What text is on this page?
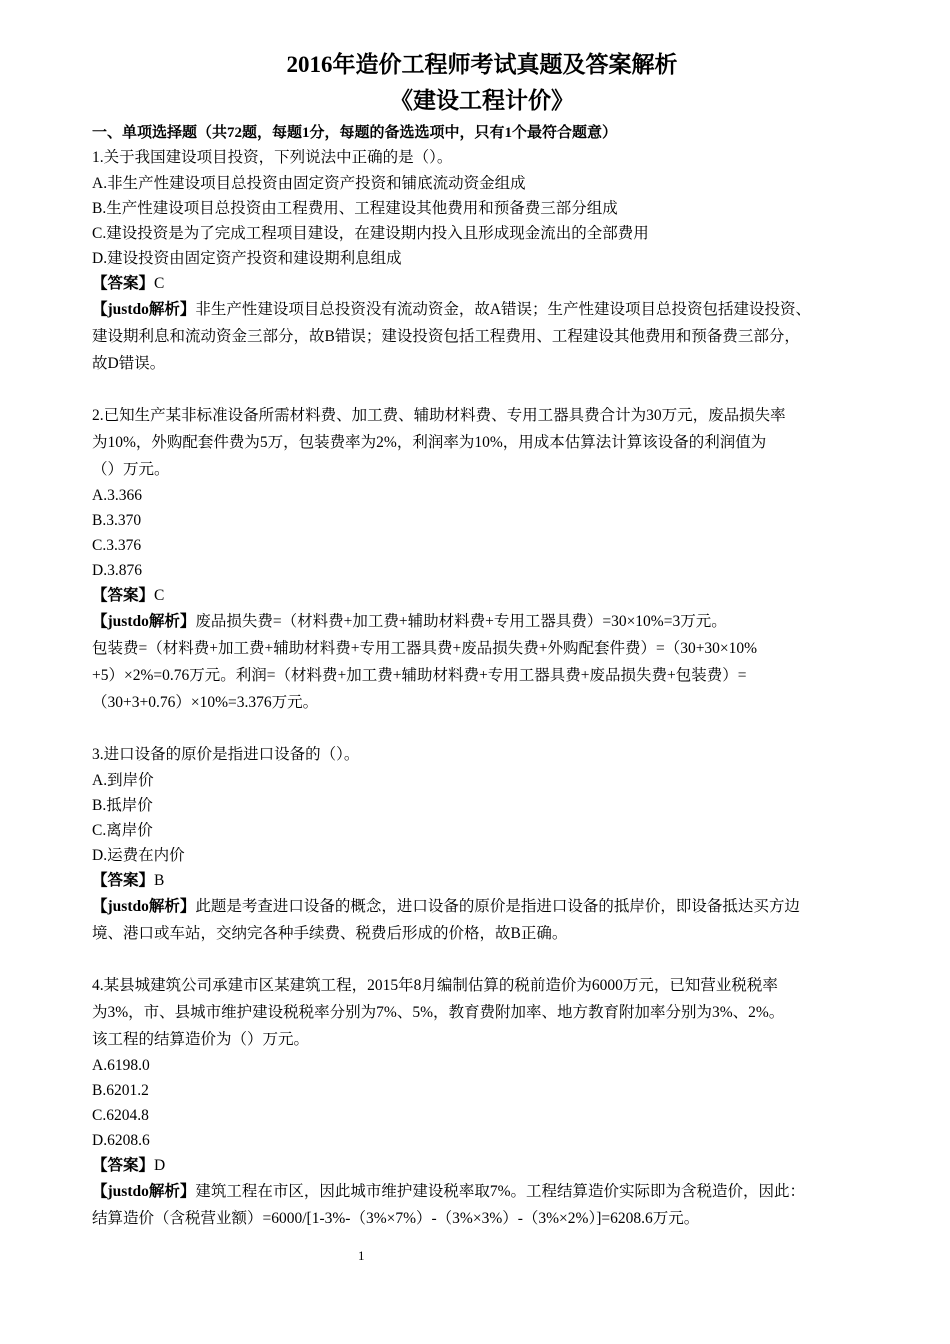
2016年造价工程师考试真题及答案解析
《建设工程计价》

一、单项选择题（共72题，每题1分，每题的备选选项中，只有1个最符合题意）

1.关于我国建设项目投资，下列说法中正确的是（）。

A.非生产性建设项目总投资由固定资产投资和铺底流动资金组成

B.生产性建设项目总投资由工程费用、工程建设其他费用和预备费三部分组成

C.建设投资是为了完成工程项目建设，在建设期内投入且形成现金流出的全部费用

D.建设投资由固定资产投资和建设期利息组成

【答案】C

【justdo解析】非生产性建设项目总投资没有流动资金，故A错误；生产性建设项目总投资包括建设投资、

建设期利息和流动资金三部分，故B错误；建设投资包括工程费用、工程建设其他费用和预备费三部分，

故D错误。

2.已知生产某非标准设备所需材料费、加工费、辅助材料费、专用工器具费合计为30万元，废品损失率

为10%，外购配套件费为5万，包装费率为2%，利润率为10%，用成本估算法计算该设备的利润值为

（）万元。

A.3.366

B.3.370

C.3.376

D.3.876

【答案】C

【justdo解析】废品损失费=（材料费+加工费+辅助材料费+专用工器具费）=30×10%=3万元。

包装费=（材料费+加工费+辅助材料费+专用工器具费+废品损失费+外购配套件费）=（30+30×10%

+5）×2%=0.76万元。利润=（材料费+加工费+辅助材料费+专用工器具费+废品损失费+包装费）=

（30+3+0.76）×10%=3.376万元。

3.进口设备的原价是指进口设备的（）。

A.到岸价

B.抵岸价

C.离岸价

D.运费在内价

【答案】B

【justdo解析】此题是考查进口设备的概念，进口设备的原价是指进口设备的抵岸价，即设备抵达买方边

境、港口或车站，交纳完各种手续费、税费后形成的价格，故B正确。

4.某县城建筑公司承建市区某建筑工程，2015年8月编制估算的税前造价为6000万元，已知营业税税率

为3%，市、县城市维护建设税税率分别为7%、5%，教育费附加率、地方教育附加率分别为3%、2%。

该工程的结算造价为（）万元。

A.6198.0

B.6201.2

C.6204.8

D.6208.6

【答案】D

【justdo解析】建筑工程在市区，因此城市维护建设税率取7%。工程结算造价实际即为含税造价，因此：

结算造价（含税营业额）=6000/[1-3%-（3%×7%）-（3%×3%）-（3%×2%）]=6208.6万元。

1
